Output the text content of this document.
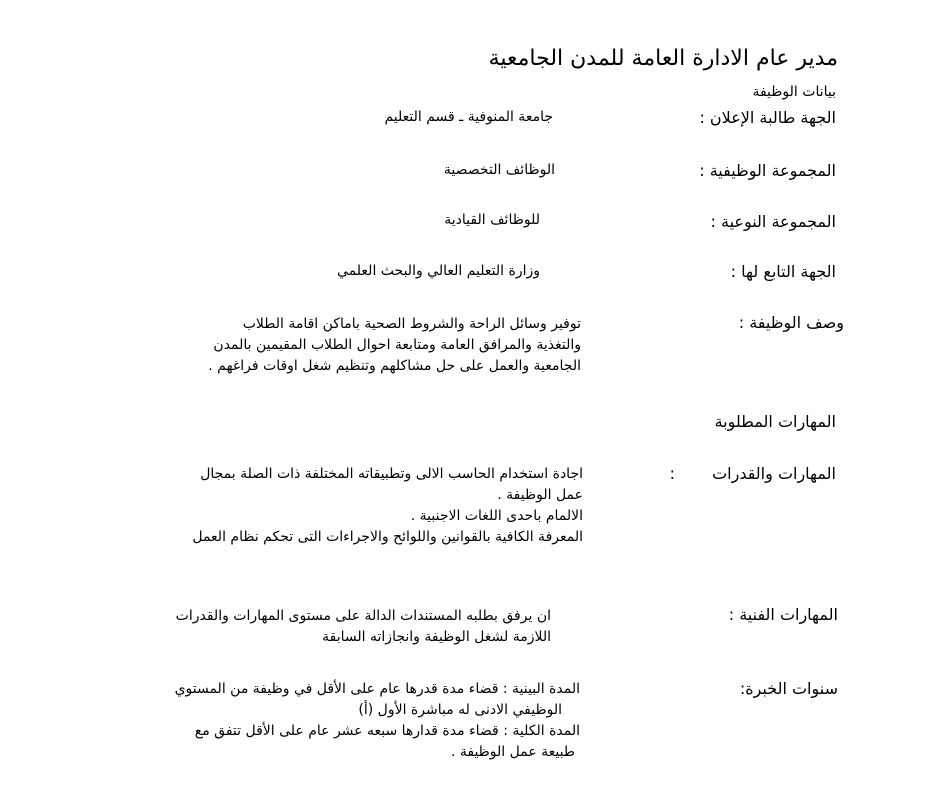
مدير عام الادارة العامة للمدن الجامعية
بيانات الوظيفة
الجهة طالبة الإعلان :
جامعة المنوفية ـ قسم التعليم
المجموعة الوظيفية :
الوظائف التخصصية
المجموعة النوعية :
للوظائف القيادية
الجهة التابع لها :
وزارة التعليم العالي والبحث العلمي
وصف الوظيفة :
توفير وسائل الراحة والشروط الصحية باماكن اقامة الطلاب
والتغذية والمرافق العامة ومتابعة احوال الطلاب المقيمين بالمدن
الجامعية والعمل على حل مشاكلهم وتنظيم شغل اوقات فراغهم .
المهارات المطلوبة
المهارات والقدرات
:
اجادة استخدام الحاسب الالى وتطبيقاته المختلفة ذات الصلة بمجال
عمل الوظيفة .
الالمام باحدى اللغات الاجنبية .
المعرفة الكافية بالقوانين واللوائح والاجراءات التى تحكم نظام العمل
المهارات الفنية :
ان يرفق بطلبه المستندات الدالة على مستوى المهارات والقدرات
اللازمة لشغل الوظيفة وانجازاته السابقة
سنوات الخبرة:
المدة البينية : قضاء مدة قدرها عام على الأقل في وظيفة من المستوي
الوظيفي الادنى له مباشرة الأول (أ)
المدة الكلية : قضاء مدة قدارها سبعه عشر عام على الأقل تتفق مع
طبيعة عمل الوظيفة .
